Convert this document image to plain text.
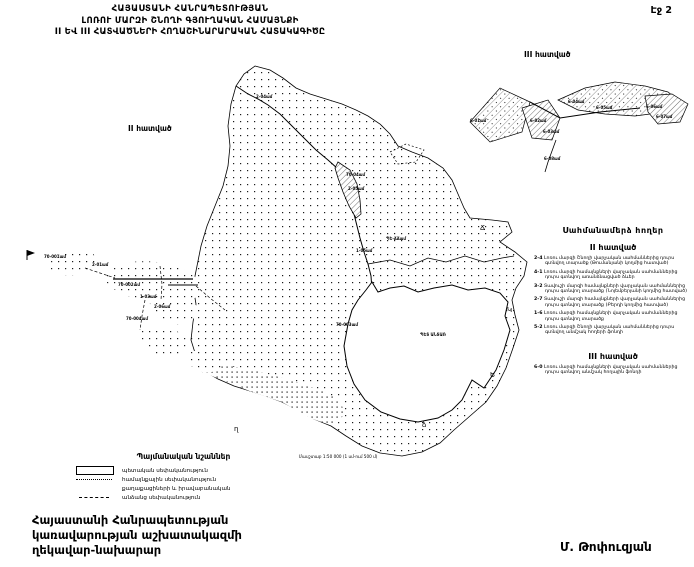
2-04ամ
70-04ամ
2-05ամ
ՊԵ-ՃՃամ
1-05ամ
70-003ամ
ՊԵՏ ԱՆՏԱՌ
70-001ամ
2-01ամ
70-002ամ
1-03ամ
2-06ամ
70-004ամ
6-01ամ	6-02ամ
6-03ամ
6-04ամ
6-05ամ	6-06ամ
6-07ամ
6-08ամ
Ճ
Կ
Ե
ղ	ձ
ՀԱՅԱՍՏԱՆԻ ՀԱՆՐԱՊԵՏՈՒԹՅԱՆ
ԼՈՌՈՒ ՄԱՐԶԻ ՇՆՈՂԻ ԳՅՈՒՂԱԿԱՆ ՀԱՄԱՅՆՔԻ
II ԵՎ III ՀԱՏՎԱԾՆԵՐԻ ՀՈՂԱՇԻՆԱՐԱՐԱԿԱՆ ՀԱՏԱԿԱԳԻԾԸ
Էջ 2
II հատված
III հատված
Սահմանամերձ հողեր
II հատված
2-4 Լոռու մարզի Շնողի վարչական սահմաններից դուրս գտնվող տարածք (Թումանյանի կողմից հատված)
4-1 Լոռու մարզի համայնքների վարչական սահմաններից դուրս գտնվող առանձնացված ձևեր
3-2 Տավուշի մարզի համայնքների վարչական սահմաններից դուրս գտնվող տարածք (Նոյեմբերյանի կողմից հատված)
2-7 Տավուշի մարզի համայնքների վարչական սահմաններից դուրս գտնվող տարածք (Բերդի կողմից հատված)
1-6 Լոռու մարզի համայնքների վարչական սահմաններից դուրս գտնվող տարածք
5-2 Լոռու մարզի Շնողի վարչական սահմաններից դուրս գտնվող անմշակ հողերի ֆոնդի
III հատված
6-0 Լոռու մարզի համայնքների վարչական սահմաններից դուրս գտնվող անմշակ հողային ֆոնդի
Պայմանական նշաններ
պետական սեփականություն
համայնքային սեփականություն
քաղաքացիների և իրավաբանական
անձանց սեփականություն
Մասշտաբ 1:50 000 (1 սմ-ում 500 մ)
Հայաստանի Հանրապետության
կառավարության աշխատակազմի
ղեկավար-նախարար	Մ. Թոփուզյան
